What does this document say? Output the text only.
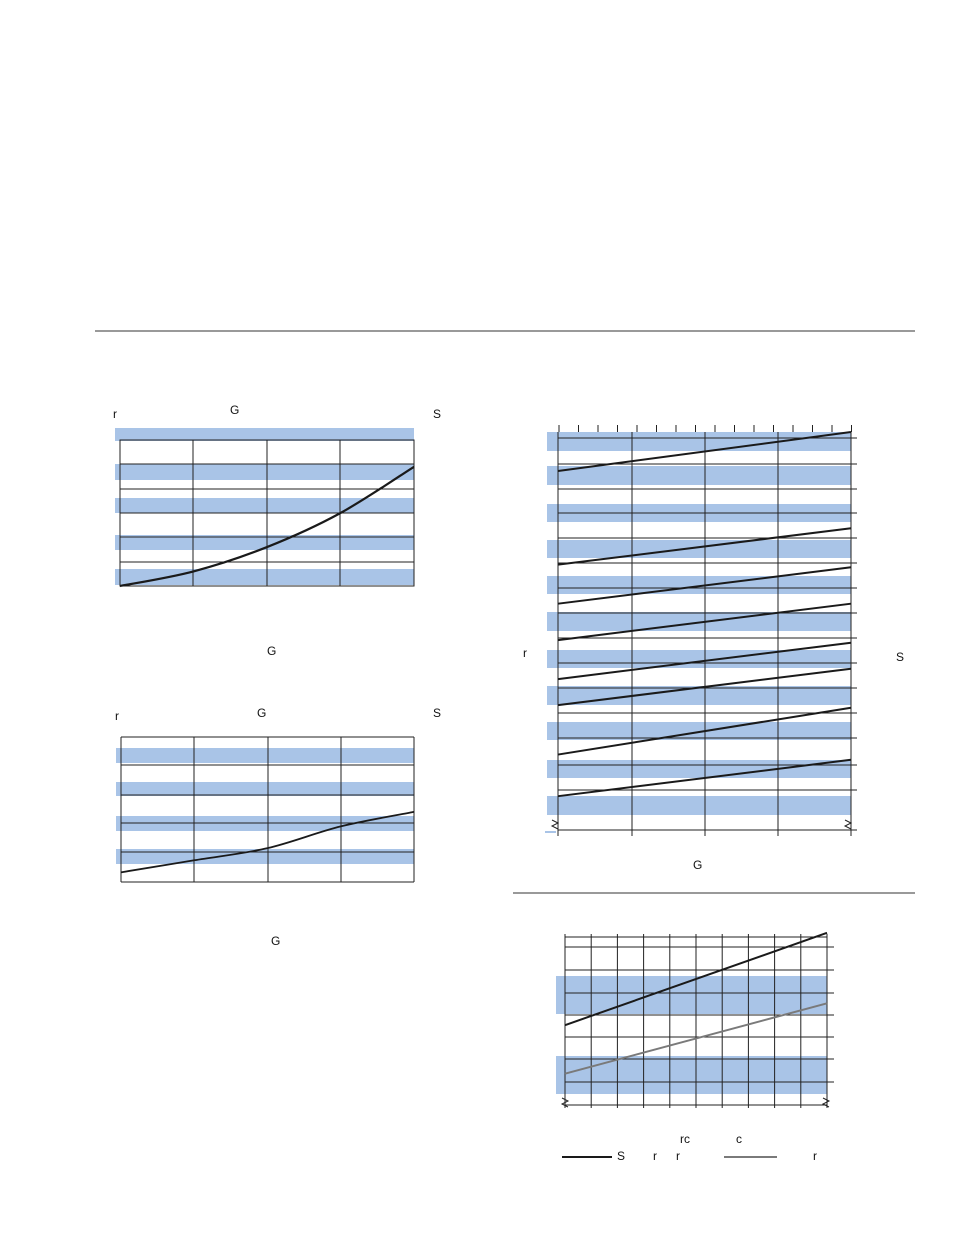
r	G	S
G
r	G	S
G
r	S
G
rc	c
S r r	r
